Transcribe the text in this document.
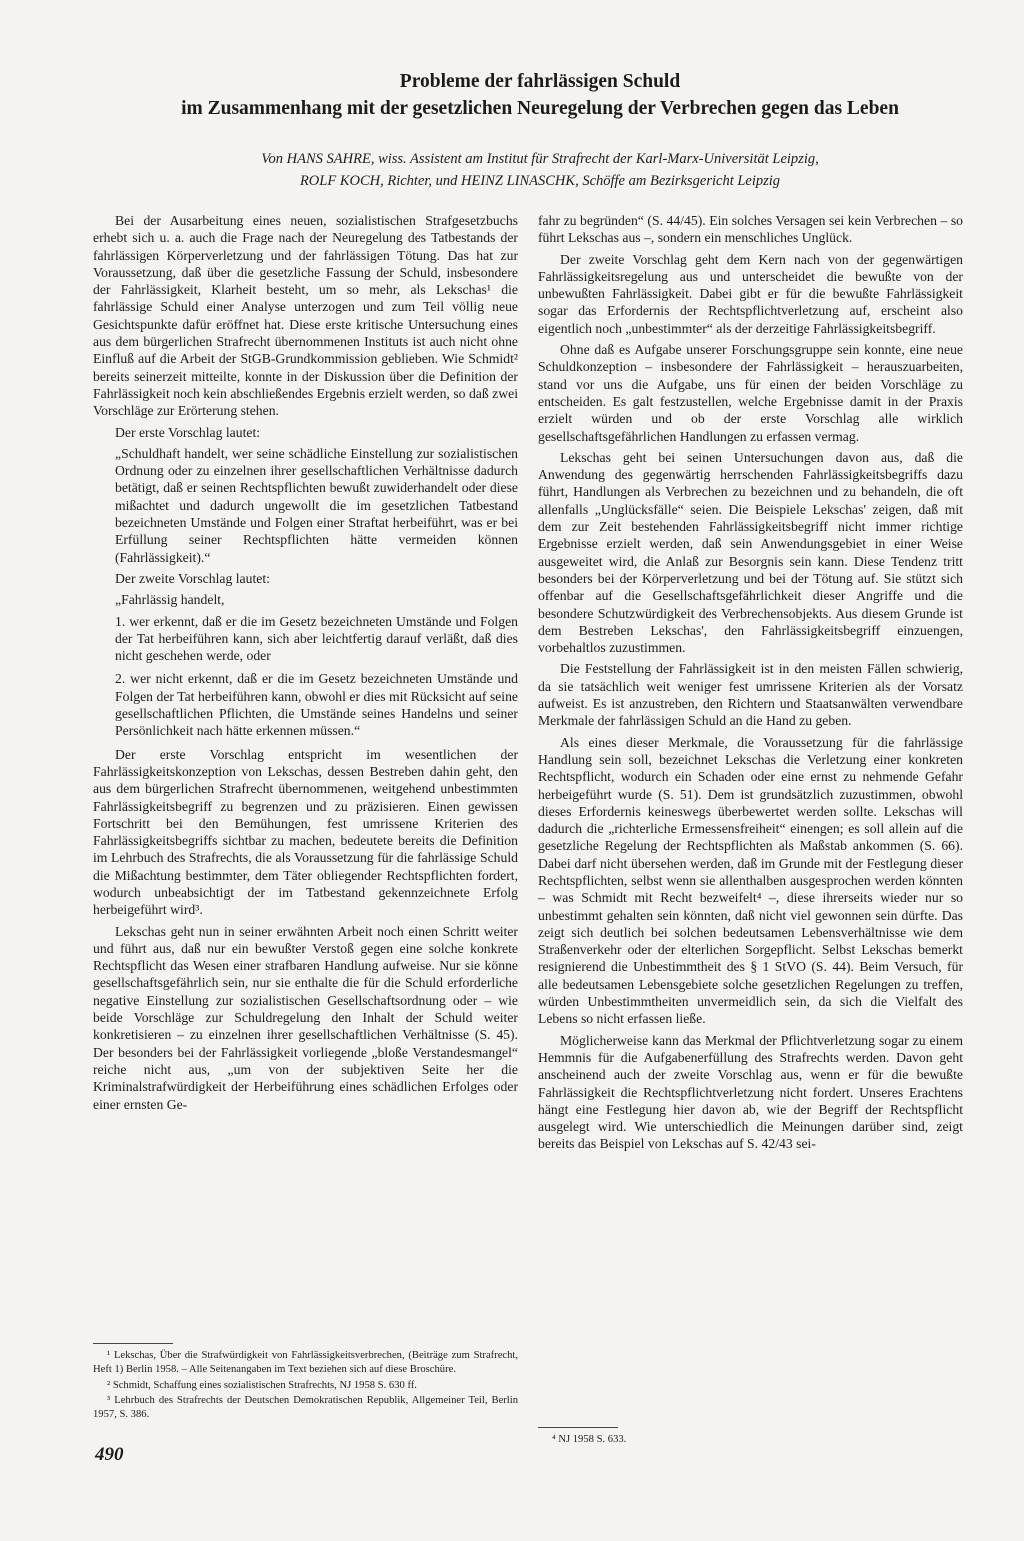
Probleme der fahrlässigen Schuld
im Zusammenhang mit der gesetzlichen Neuregelung der Verbrechen gegen das Leben
Von HANS SAHRE, wiss. Assistent am Institut für Strafrecht der Karl-Marx-Universität Leipzig,
ROLF KOCH, Richter, und HEINZ LINASCHK, Schöffe am Bezirksgericht Leipzig

Bei der Ausarbeitung eines neuen, sozialistischen Strafgesetzbuchs erhebt sich u. a. auch die Frage nach der Neuregelung des Tatbestands der fahrlässigen Körperverletzung und der fahrlässigen Tötung. Das hat zur Voraussetzung, daß über die gesetzliche Fassung der Schuld, insbesondere der Fahrlässigkeit, Klarheit besteht, um so mehr, als Lekschas¹ die fahrlässige Schuld einer Analyse unterzogen und zum Teil völlig neue Gesichtspunkte dafür eröffnet hat. Diese erste kritische Untersuchung eines aus dem bürgerlichen Strafrecht übernommenen Instituts ist auch nicht ohne Einfluß auf die Arbeit der StGB-Grundkommission geblieben. Wie Schmidt² bereits seinerzeit mitteilte, konnte in der Diskussion über die Definition der Fahrlässigkeit noch kein abschließendes Ergebnis erzielt werden, so daß zwei Vorschläge zur Erörterung stehen.

Der erste Vorschlag lautet:

„Schuldhaft handelt, wer seine schädliche Einstellung zur sozialistischen Ordnung oder zu einzelnen ihrer gesellschaftlichen Verhältnisse dadurch betätigt, daß er seinen Rechtspflichten bewußt zuwiderhandelt oder diese mißachtet und dadurch ungewollt die im gesetzlichen Tatbestand bezeichneten Umstände und Folgen einer Straftat herbeiführt, was er bei Erfüllung seiner Rechtspflichten hätte vermeiden können (Fahrlässigkeit).“

Der zweite Vorschlag lautet:

„Fahrlässig handelt,

1. wer erkennt, daß er die im Gesetz bezeichneten Umstände und Folgen der Tat herbeiführen kann, sich aber leichtfertig darauf verläßt, daß dies nicht geschehen werde, oder

2. wer nicht erkennt, daß er die im Gesetz bezeichneten Umstände und Folgen der Tat herbeiführen kann, obwohl er dies mit Rücksicht auf seine gesellschaftlichen Pflichten, die Umstände seines Handelns und seiner Persönlichkeit nach hätte erkennen müssen.“

Der erste Vorschlag entspricht im wesentlichen der Fahrlässigkeitskonzeption von Lekschas, dessen Bestreben dahin geht, den aus dem bürgerlichen Strafrecht übernommenen, weitgehend unbestimmten Fahrlässigkeitsbegriff zu begrenzen und zu präzisieren. Einen gewissen Fortschritt bei den Bemühungen, fest umrissene Kriterien des Fahrlässigkeitsbegriffs sichtbar zu machen, bedeutete bereits die Definition im Lehrbuch des Strafrechts, die als Voraussetzung für die fahrlässige Schuld die Mißachtung bestimmter, dem Täter obliegender Rechtspflichten fordert, wodurch unbeabsichtigt der im Tatbestand gekennzeichnete Erfolg herbeigeführt wird³.

Lekschas geht nun in seiner erwähnten Arbeit noch einen Schritt weiter und führt aus, daß nur ein bewußter Verstoß gegen eine solche konkrete Rechtspflicht das Wesen einer strafbaren Handlung aufweise. Nur sie könne gesellschaftsgefährlich sein, nur sie enthalte die für die Schuld erforderliche negative Einstellung zur sozialistischen Gesellschaftsordnung oder – wie beide Vorschläge zur Schuldregelung den Inhalt der Schuld weiter konkretisieren – zu einzelnen ihrer gesellschaftlichen Verhältnisse (S. 45). Der besonders bei der Fahrlässigkeit vorliegende „bloße Verstandesmangel“ reiche nicht aus, „um von der subjektiven Seite her die Kriminalstrafwürdigkeit der Herbeiführung eines schädlichen Erfolges oder einer ernsten Ge-

fahr zu begründen“ (S. 44/45). Ein solches Versagen sei kein Verbrechen – so führt Lekschas aus –, sondern ein menschliches Unglück.

Der zweite Vorschlag geht dem Kern nach von der gegenwärtigen Fahrlässigkeitsregelung aus und unterscheidet die bewußte von der unbewußten Fahrlässigkeit. Dabei gibt er für die bewußte Fahrlässigkeit sogar das Erfordernis der Rechtspflichtverletzung auf, erscheint also eigentlich noch „unbestimmter“ als der derzeitige Fahrlässigkeitsbegriff.

Ohne daß es Aufgabe unserer Forschungsgruppe sein konnte, eine neue Schuldkonzeption – insbesondere der Fahrlässigkeit – herauszuarbeiten, stand vor uns die Aufgabe, uns für einen der beiden Vorschläge zu entscheiden. Es galt festzustellen, welche Ergebnisse damit in der Praxis erzielt würden und ob der erste Vorschlag alle wirklich gesellschaftsgefährlichen Handlungen zu erfassen vermag.

Lekschas geht bei seinen Untersuchungen davon aus, daß die Anwendung des gegenwärtig herrschenden Fahrlässigkeitsbegriffs dazu führt, Handlungen als Verbrechen zu bezeichnen und zu behandeln, die oft allenfalls „Unglücksfälle“ seien. Die Beispiele Lekschas' zeigen, daß mit dem zur Zeit bestehenden Fahrlässigkeitsbegriff nicht immer richtige Ergebnisse erzielt werden, daß sein Anwendungsgebiet in einer Weise ausgeweitet wird, die Anlaß zur Besorgnis sein kann. Diese Tendenz tritt besonders bei der Körperverletzung und bei der Tötung auf. Sie stützt sich offenbar auf die Gesellschaftsgefährlichkeit dieser Angriffe und die besondere Schutzwürdigkeit des Verbrechensobjekts. Aus diesem Grunde ist dem Bestreben Lekschas', den Fahrlässigkeitsbegriff einzuengen, vorbehaltlos zuzustimmen.

Die Feststellung der Fahrlässigkeit ist in den meisten Fällen schwierig, da sie tatsächlich weit weniger fest umrissene Kriterien als der Vorsatz aufweist. Es ist anzustreben, den Richtern und Staatsanwälten verwendbare Merkmale der fahrlässigen Schuld an die Hand zu geben.

Als eines dieser Merkmale, die Voraussetzung für die fahrlässige Handlung sein soll, bezeichnet Lekschas die Verletzung einer konkreten Rechtspflicht, wodurch ein Schaden oder eine ernst zu nehmende Gefahr herbeigeführt wurde (S. 51). Dem ist grundsätzlich zuzustimmen, obwohl dieses Erfordernis keineswegs überbewertet werden sollte. Lekschas will dadurch die „richterliche Ermessensfreiheit“ einengen; es soll allein auf die gesetzliche Regelung der Rechtspflichten als Maßstab ankommen (S. 66). Dabei darf nicht übersehen werden, daß im Grunde mit der Festlegung dieser Rechtspflichten, selbst wenn sie allenthalben ausgesprochen werden könnten – was Schmidt mit Recht bezweifelt⁴ –, diese ihrerseits wieder nur so unbestimmt gehalten sein könnten, daß nicht viel gewonnen sein dürfte. Das zeigt sich deutlich bei solchen bedeutsamen Lebensverhältnisse wie dem Straßenverkehr oder der elterlichen Sorgepflicht. Selbst Lekschas bemerkt resignierend die Unbestimmtheit des § 1 StVO (S. 44). Beim Versuch, für alle bedeutsamen Lebensgebiete solche gesetzlichen Regelungen zu treffen, würden Unbestimmtheiten unvermeidlich sein, da sich die Vielfalt des Lebens so nicht erfassen ließe.

Möglicherweise kann das Merkmal der Pflichtverletzung sogar zu einem Hemmnis für die Aufgabenerfüllung des Strafrechts werden. Davon geht anscheinend auch der zweite Vorschlag aus, wenn er für die bewußte Fahrlässigkeit die Rechtspflichtverletzung nicht fordert. Unseres Erachtens hängt eine Festlegung hier davon ab, wie der Begriff der Rechtspflicht ausgelegt wird. Wie unterschiedlich die Meinungen darüber sind, zeigt bereits das Beispiel von Lekschas auf S. 42/43 sei-

¹ Lekschas, Über die Strafwürdigkeit von Fahrlässigkeitsverbrechen, (Beiträge zum Strafrecht, Heft 1) Berlin 1958. – Alle Seitenangaben im Text beziehen sich auf diese Broschüre.

² Schmidt, Schaffung eines sozialistischen Strafrechts, NJ 1958 S. 630 ff.

³ Lehrbuch des Strafrechts der Deutschen Demokratischen Republik, Allgemeiner Teil, Berlin 1957, S. 386.

⁴ NJ 1958 S. 633.

490
